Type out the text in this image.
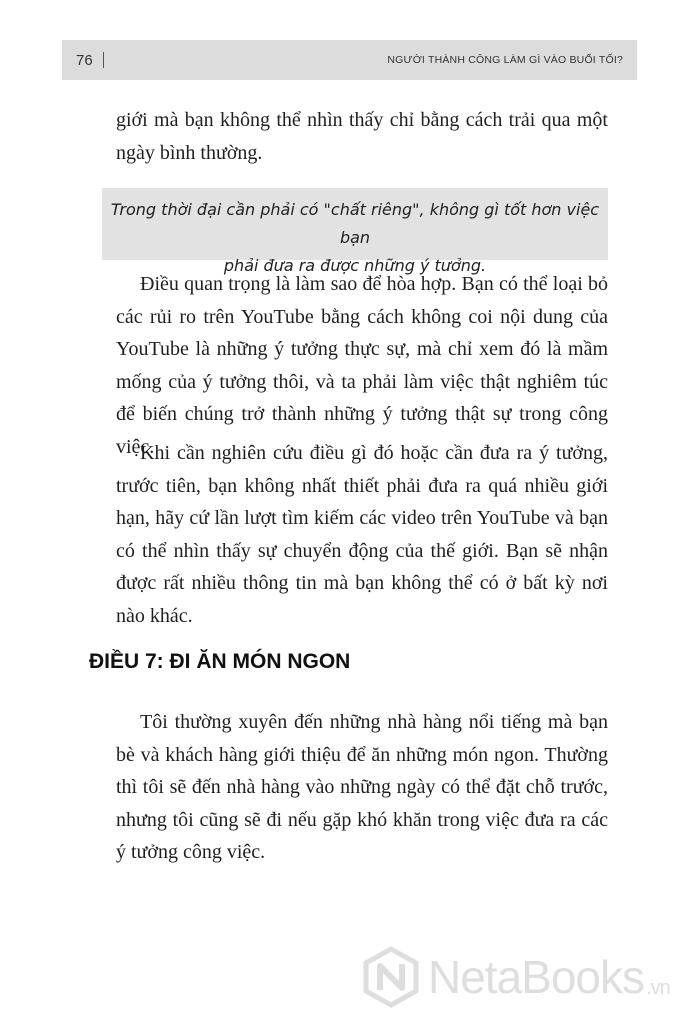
76	NGƯỜI THÀNH CÔNG LÀM GÌ VÀO BUỔI TỐI?

giới mà bạn không thể nhìn thấy chỉ bằng cách trải qua một ngày bình thường.

Trong thời đại cần phải có "chất riêng", không gì tốt hơn việc bạn
phải đưa ra được những ý tưởng.

Điều quan trọng là làm sao để hòa hợp. Bạn có thể loại bỏ các rủi ro trên YouTube bằng cách không coi nội dung của YouTube là những ý tưởng thực sự, mà chỉ xem đó là mầm mống của ý tưởng thôi, và ta phải làm việc thật nghiêm túc để biến chúng trở thành những ý tưởng thật sự trong công việc.

Khi cần nghiên cứu điều gì đó hoặc cần đưa ra ý tưởng, trước tiên, bạn không nhất thiết phải đưa ra quá nhiều giới hạn, hãy cứ lần lượt tìm kiếm các video trên YouTube và bạn có thể nhìn thấy sự chuyển động của thế giới. Bạn sẽ nhận được rất nhiều thông tin mà bạn không thể có ở bất kỳ nơi nào khác.

ĐIỀU 7: ĐI ĂN MÓN NGON

Tôi thường xuyên đến những nhà hàng nổi tiếng mà bạn bè và khách hàng giới thiệu để ăn những món ngon. Thường thì tôi sẽ đến nhà hàng vào những ngày có thể đặt chỗ trước, nhưng tôi cũng sẽ đi nếu gặp khó khăn trong việc đưa ra các ý tưởng công việc.

NetaBooks .vn
